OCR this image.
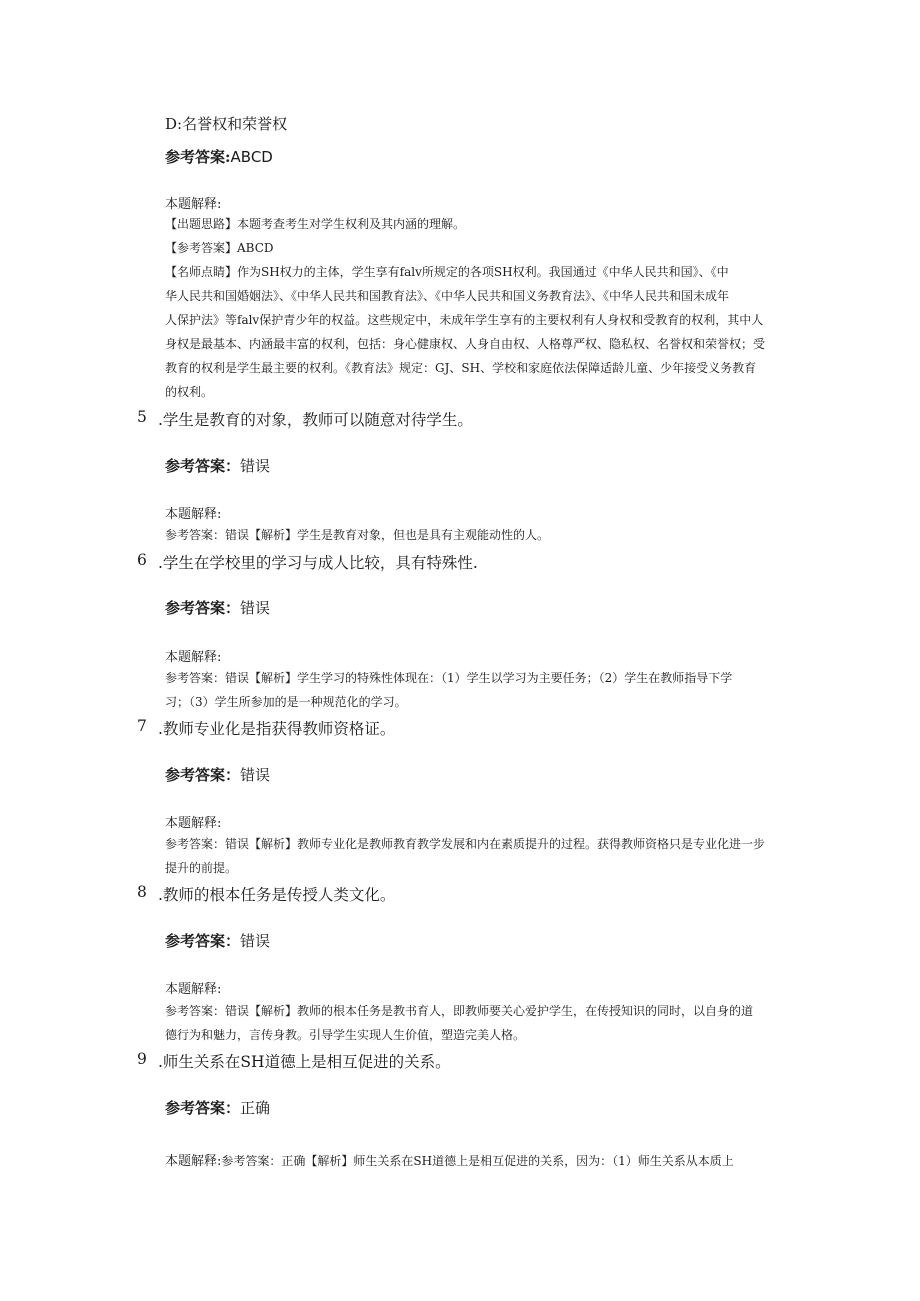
D:名誉权和荣誉权
参考答案:ABCD
本题解释:
【出题思路】本题考查考生对学生权利及其内涵的理解。
【参考答案】ABCD
【名师点睛】作为SH权力的主体，学生享有falv所规定的各项SH权利。我国通过《中华人民共和国》、《中
华人民共和国婚姻法》、《中华人民共和国教育法》、《中华人民共和国义务教育法》、《中华人民共和国未成年
人保护法》等falv保护青少年的权益。这些规定中，未成年学生享有的主要权利有人身权和受教育的权利，其中人
身权是最基本、内涵最丰富的权利，包括：身心健康权、人身自由权、人格尊严权、隐私权、名誉权和荣誉权；受
教育的权利是学生最主要的权利。《教育法》规定：GJ、SH、学校和家庭依法保障适龄儿童、少年接受义务教育
的权利。
5 .学生是教育的对象，教师可以随意对待学生。
参考答案：错误
本题解释:
参考答案：错误【解析】学生是教育对象，但也是具有主观能动性的人。
6 .学生在学校里的学习与成人比较，具有特殊性.
参考答案：错误
本题解释:
参考答案：错误【解析】学生学习的特殊性体现在：（1）学生以学习为主要任务；（2）学生在教师指导下学
习；（3）学生所参加的是一种规范化的学习。
7 .教师专业化是指获得教师资格证。
参考答案：错误
本题解释:
参考答案：错误【解析】教师专业化是教师教育教学发展和内在素质提升的过程。获得教师资格只是专业化进一步
提升的前提。
8 .教师的根本任务是传授人类文化。
参考答案：错误
本题解释:
参考答案：错误【解析】教师的根本任务是教书育人，即教师要关心爱护学生，在传授知识的同时，以自身的道
德行为和魅力，言传身教。引导学生实现人生价值，塑造完美人格。
9 .师生关系在SH道德上是相互促进的关系。
参考答案：正确
本题解释:参考答案：正确【解析】师生关系在SH道德上是相互促进的关系，因为：（1）师生关系从本质上
